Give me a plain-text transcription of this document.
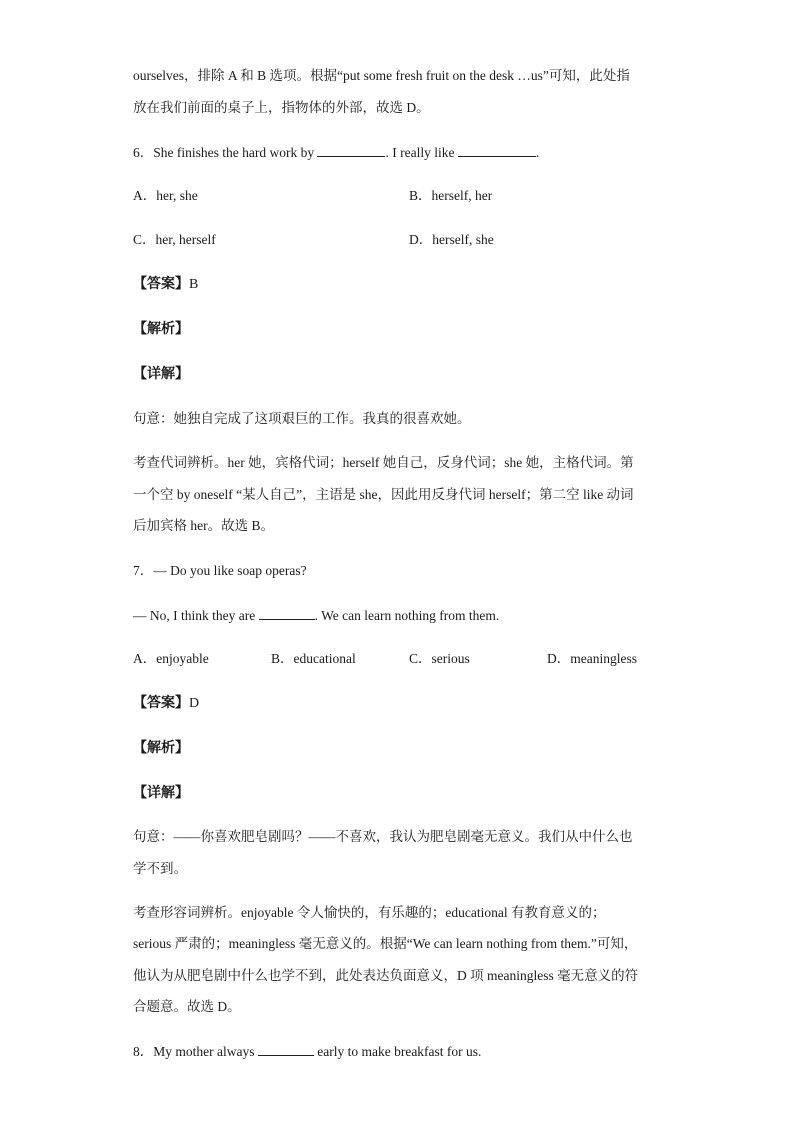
ourselves，排除 A 和 B 选项。根据“put some fresh fruit on the desk …us”可知，此处指
放在我们前面的桌子上，指物体的外部，故选 D。
6．She finishes the hard work by	. I really like	.
A．her, she	B．herself, her
C．her, herself	D．herself, she
【答案】B
【解析】
【详解】
句意：她独自完成了这项艰巨的工作。我真的很喜欢她。
考查代词辨析。her 她，宾格代词；herself 她自己，反身代词；she 她，主格代词。第
一个空 by oneself “某人自己”，主语是 she，因此用反身代词 herself；第二空 like 动词
后加宾格 her。故选 B。
7．— Do you like soap operas?
— No, I think they are	. We can learn nothing from them.
A．enjoyable	B．educational	C．serious	D．meaningless
【答案】D
【解析】
【详解】
句意：——你喜欢肥皂剧吗？——不喜欢，我认为肥皂剧毫无意义。我们从中什么也
学不到。
考查形容词辨析。enjoyable 令人愉快的，有乐趣的；educational 有教育意义的；
serious 严肃的；meaningless 毫无意义的。根据“We can learn nothing from them.”可知，
他认为从肥皂剧中什么也学不到，此处表达负面意义，D 项 meaningless 毫无意义的符
合题意。故选 D。
8．My mother always	early to make breakfast for us.
